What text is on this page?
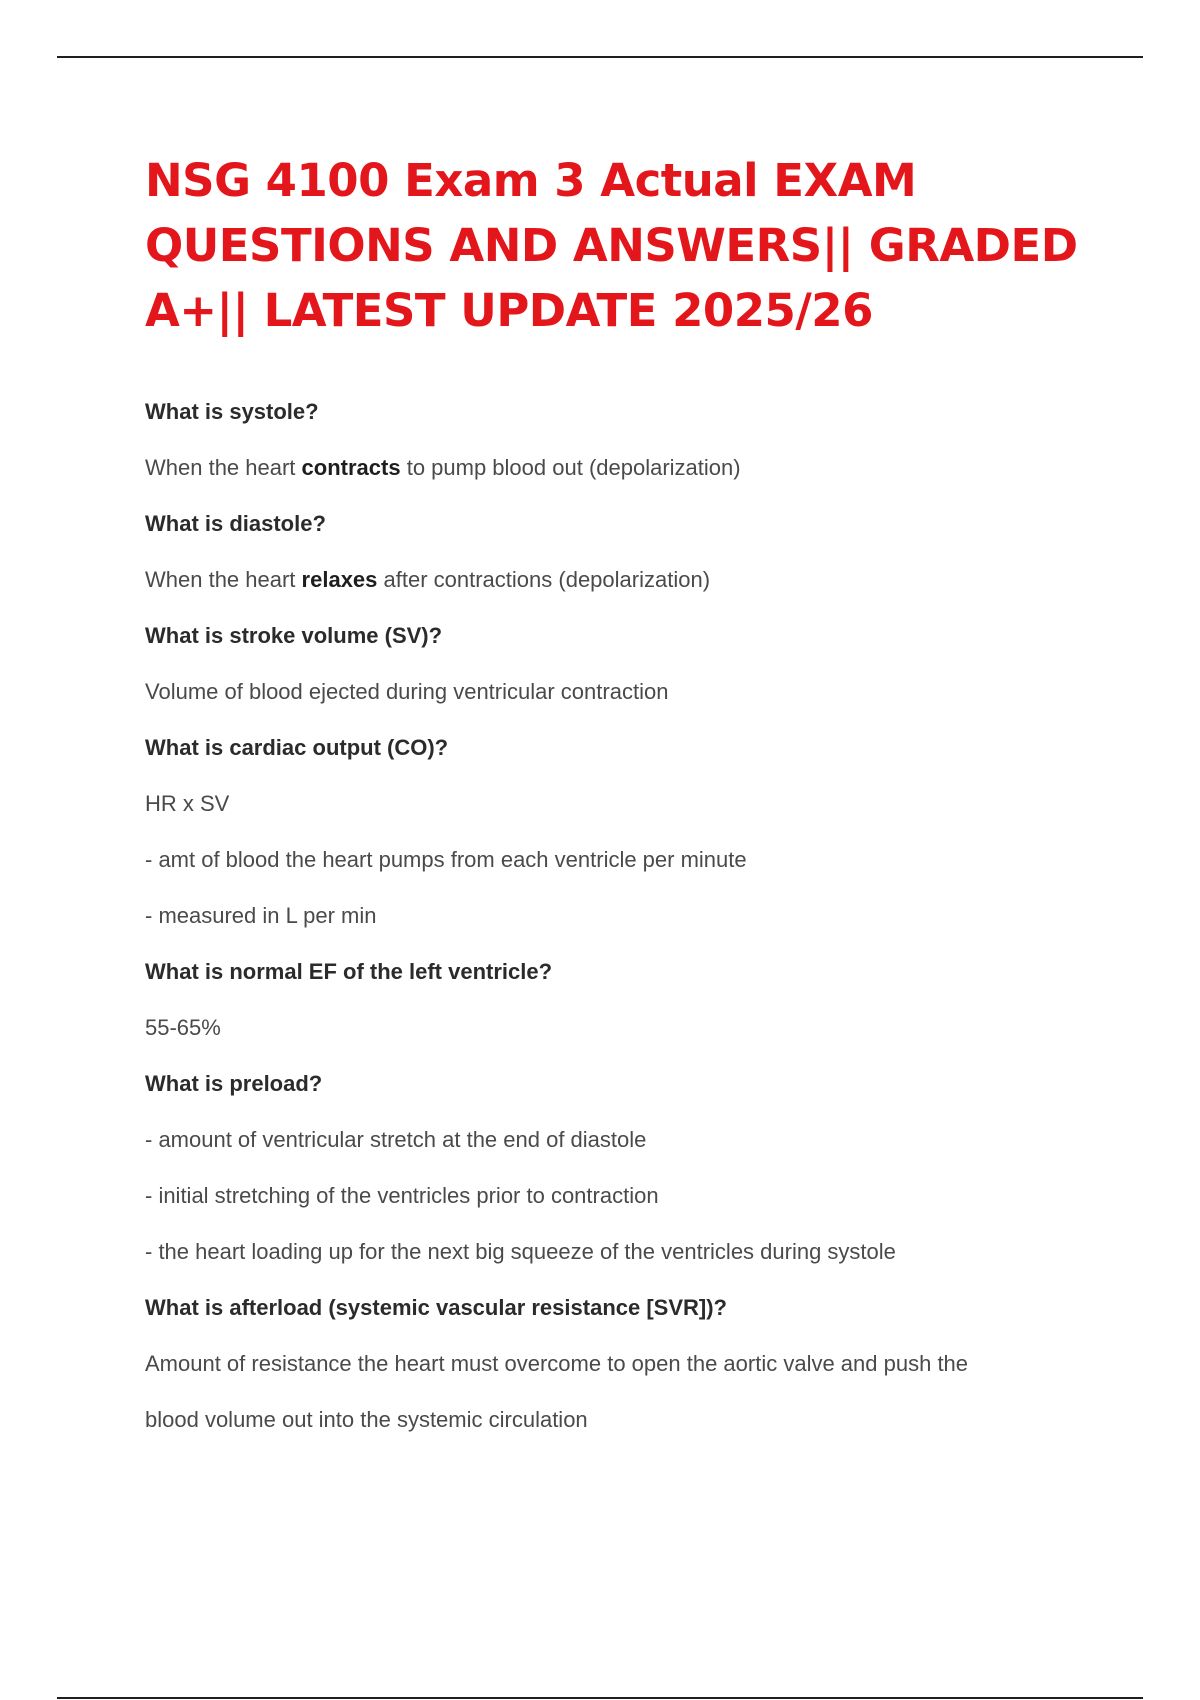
NSG 4100 Exam 3 Actual EXAM
QUESTIONS AND ANSWERS|| GRADED
A+|| LATEST UPDATE 2025/26
What is systole?
When the heart contracts to pump blood out (depolarization)
What is diastole?
When the heart relaxes after contractions (depolarization)
What is stroke volume (SV)?
Volume of blood ejected during ventricular contraction
What is cardiac output (CO)?
HR x SV
- amt of blood the heart pumps from each ventricle per minute
- measured in L per min
What is normal EF of the left ventricle?
55-65%
What is preload?
- amount of ventricular stretch at the end of diastole
- initial stretching of the ventricles prior to contraction
- the heart loading up for the next big squeeze of the ventricles during systole
What is afterload (systemic vascular resistance [SVR])?
Amount of resistance the heart must overcome to open the aortic valve and push the
blood volume out into the systemic circulation
